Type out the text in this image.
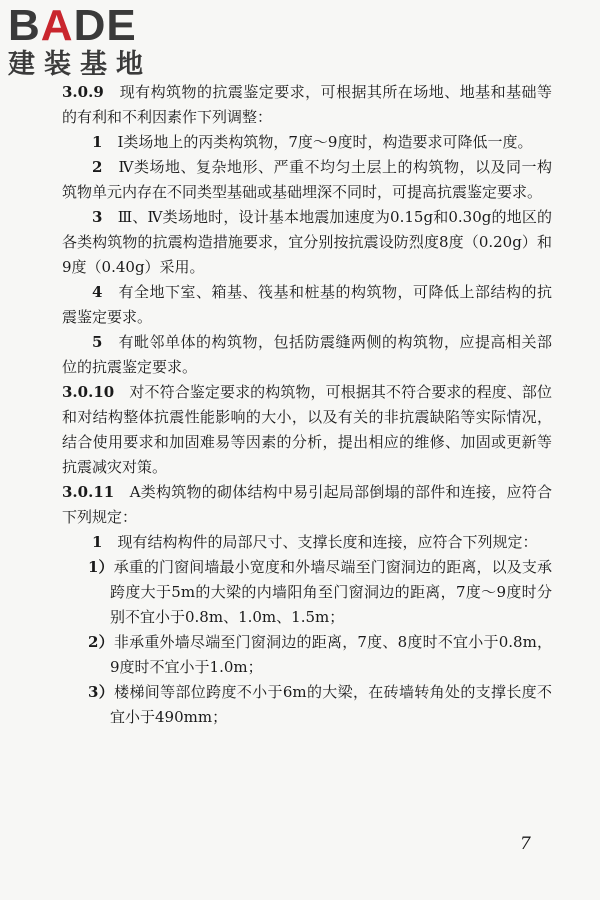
BADE
建装基地

3.0.9　 现有构筑物的抗震鉴定要求，可根据其所在场地、地基和基础等的有利和不利因素作下列调整：

1　 Ⅰ类场地上的丙类构筑物，7度～9度时，构造要求可降低一度。

2　 Ⅳ类场地、复杂地形、严重不均匀土层上的构筑物，以及同一构筑物单元内存在不同类型基础或基础埋深不同时，可提高抗震鉴定要求。

3　 Ⅲ、Ⅳ类场地时，设计基本地震加速度为0.15g和0.30g的地区的各类构筑物的抗震构造措施要求，宜分别按抗震设防烈度8度（0.20g）和9度（0.40g）采用。

4　 有全地下室、箱基、筏基和桩基的构筑物，可降低上部结构的抗震鉴定要求。

5　 有毗邻单体的构筑物，包括防震缝两侧的构筑物，应提高相关部位的抗震鉴定要求。

3.0.10　 对不符合鉴定要求的构筑物，可根据其不符合要求的程度、部位和对结构整体抗震性能影响的大小，以及有关的非抗震缺陷等实际情况，结合使用要求和加固难易等因素的分析，提出相应的维修、加固或更新等抗震减灾对策。

3.0.11　 A类构筑物的砌体结构中易引起局部倒塌的部件和连接，应符合下列规定：

1　 现有结构构件的局部尺寸、支撑长度和连接，应符合下列规定：

1）承重的门窗间墙最小宽度和外墙尽端至门窗洞边的距离，以及支承跨度大于5m的大梁的内墙阳角至门窗洞边的距离，7度～9度时分别不宜小于0.8m、1.0m、1.5m；

2）非承重外墙尽端至门窗洞边的距离，7度、8度时不宜小于0.8m，9度时不宜小于1.0m；

3）楼梯间等部位跨度不小于6m的大梁，在砖墙转角处的支撑长度不宜小于490mm；

7
